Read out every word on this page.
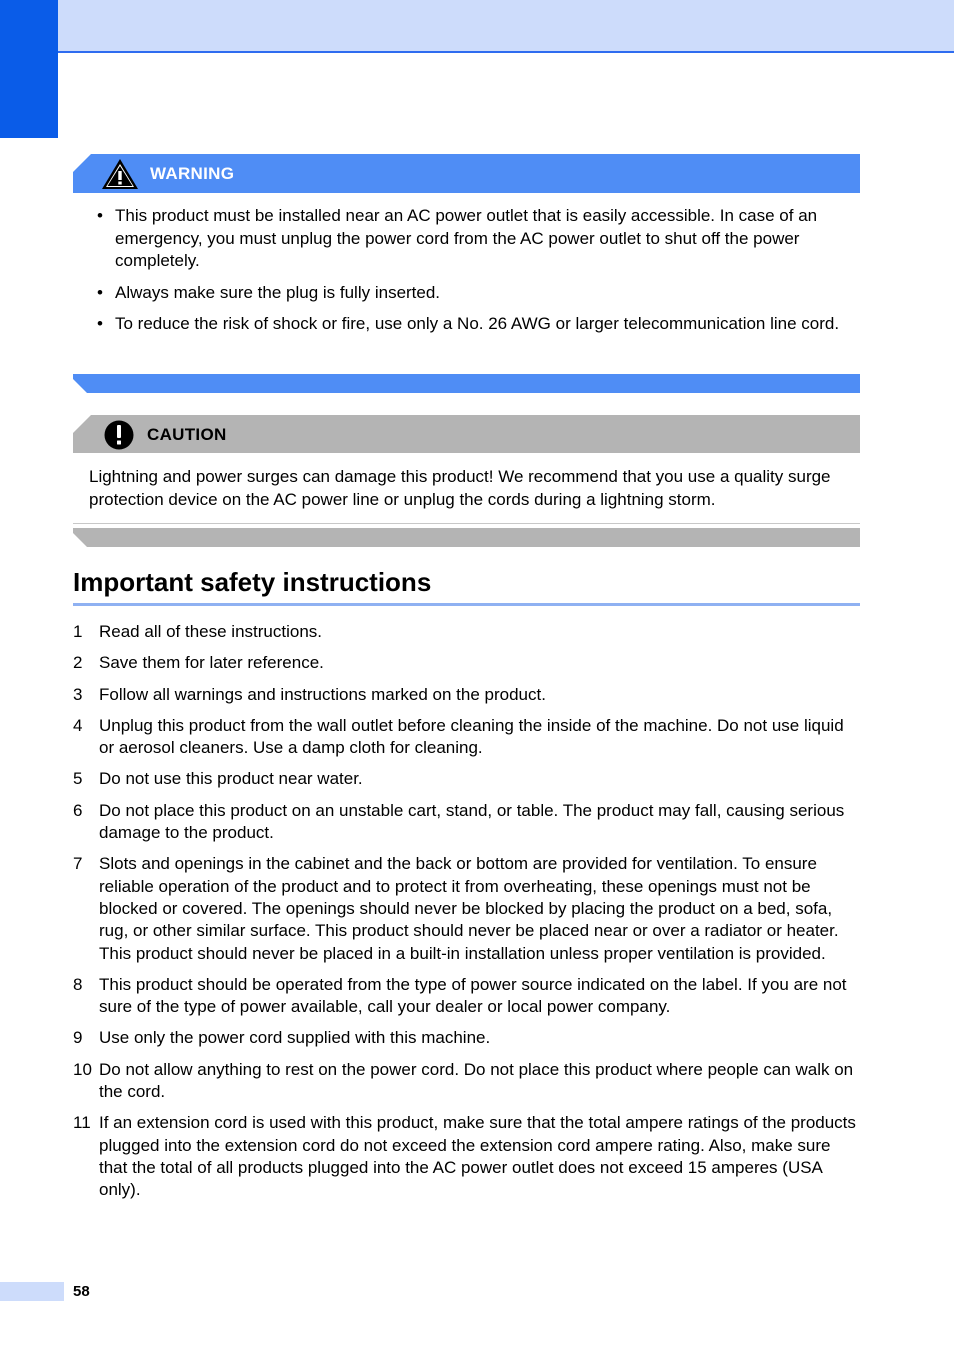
WARNING
• This product must be installed near an AC power outlet that is easily accessible. In case of an emergency, you must unplug the power cord from the AC power outlet to shut off the power completely.
• Always make sure the plug is fully inserted.
• To reduce the risk of shock or fire, use only a No. 26 AWG or larger telecommunication line cord.
CAUTION
Lightning and power surges can damage this product! We recommend that you use a quality surge protection device on the AC power line or unplug the cords during a lightning storm.
Important safety instructions
1 Read all of these instructions.
2 Save them for later reference.
3 Follow all warnings and instructions marked on the product.
4 Unplug this product from the wall outlet before cleaning the inside of the machine. Do not use liquid or aerosol cleaners. Use a damp cloth for cleaning.
5 Do not use this product near water.
6 Do not place this product on an unstable cart, stand, or table. The product may fall, causing serious damage to the product.
7 Slots and openings in the cabinet and the back or bottom are provided for ventilation. To ensure reliable operation of the product and to protect it from overheating, these openings must not be blocked or covered. The openings should never be blocked by placing the product on a bed, sofa, rug, or other similar surface. This product should never be placed near or over a radiator or heater. This product should never be placed in a built-in installation unless proper ventilation is provided.
8 This product should be operated from the type of power source indicated on the label. If you are not sure of the type of power available, call your dealer or local power company.
9 Use only the power cord supplied with this machine.
10 Do not allow anything to rest on the power cord. Do not place this product where people can walk on the cord.
11 If an extension cord is used with this product, make sure that the total ampere ratings of the products plugged into the extension cord do not exceed the extension cord ampere rating. Also, make sure that the total of all products plugged into the AC power outlet does not exceed 15 amperes (USA only).
58
